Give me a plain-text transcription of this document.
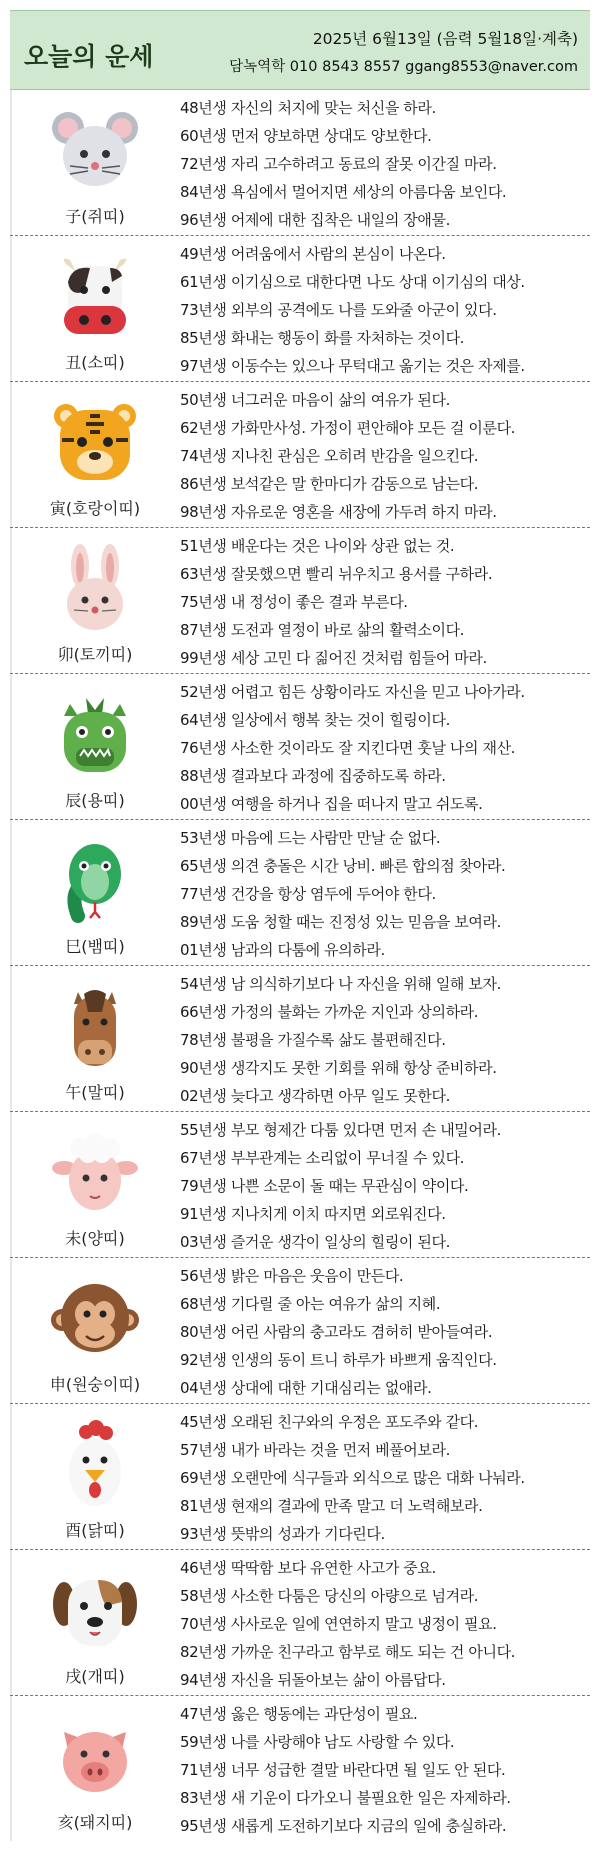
오늘의 운세
2025년 6월13일 (음력 5월18일·계축)
담녹역학 010 8543 8557 ggang8553@naver.com
子(쥐띠)
48년생 자신의 처지에 맞는 처신을 하라.
60년생 먼저 양보하면 상대도 양보한다.
72년생 자리 고수하려고 동료의 잘못 이간질 마라.
84년생 욕심에서 멀어지면 세상의 아름다움 보인다.
96년생 어제에 대한 집착은 내일의 장애물.
丑(소띠)
49년생 어려움에서 사람의 본심이 나온다.
61년생 이기심으로 대한다면 나도 상대 이기심의 대상.
73년생 외부의 공격에도 나를 도와줄 아군이 있다.
85년생 화내는 행동이 화를 자처하는 것이다.
97년생 이동수는 있으나 무턱대고 옮기는 것은 자제를.
寅(호랑이띠)
50년생 너그러운 마음이 삶의 여유가 된다.
62년생 가화만사성. 가정이 편안해야 모든 걸 이룬다.
74년생 지나친 관심은 오히려 반감을 일으킨다.
86년생 보석같은 말 한마디가 감동으로 남는다.
98년생 자유로운 영혼을 새장에 가두려 하지 마라.
卯(토끼띠)
51년생 배운다는 것은 나이와 상관 없는 것.
63년생 잘못했으면 빨리 뉘우치고 용서를 구하라.
75년생 내 정성이 좋은 결과 부른다.
87년생 도전과 열정이 바로 삶의 활력소이다.
99년생 세상 고민 다 짊어진 것처럼 힘들어 마라.
辰(용띠)
52년생 어렵고 힘든 상황이라도 자신을 믿고 나아가라.
64년생 일상에서 행복 찾는 것이 힐링이다.
76년생 사소한 것이라도 잘 지킨다면 훗날 나의 재산.
88년생 결과보다 과정에 집중하도록 하라.
00년생 여행을 하거나 집을 떠나지 말고 쉬도록.
巳(뱀띠)
53년생 마음에 드는 사람만 만날 순 없다.
65년생 의견 충돌은 시간 낭비. 빠른 합의점 찾아라.
77년생 건강을 항상 염두에 두어야 한다.
89년생 도움 청할 때는 진정성 있는 믿음을 보여라.
01년생 남과의 다툼에 유의하라.
午(말띠)
54년생 남 의식하기보다 나 자신을 위해 일해 보자.
66년생 가정의 불화는 가까운 지인과 상의하라.
78년생 불평을 가질수록 삶도 불편해진다.
90년생 생각지도 못한 기회를 위해 항상 준비하라.
02년생 늦다고 생각하면 아무 일도 못한다.
未(양띠)
55년생 부모 형제간 다툼 있다면 먼저 손 내밀어라.
67년생 부부관계는 소리없이 무너질 수 있다.
79년생 나쁜 소문이 돌 때는 무관심이 약이다.
91년생 지나치게 이치 따지면 외로워진다.
03년생 즐거운 생각이 일상의 힐링이 된다.
申(원숭이띠)
56년생 밝은 마음은 웃음이 만든다.
68년생 기다릴 줄 아는 여유가 삶의 지혜.
80년생 어린 사람의 충고라도 겸허히 받아들여라.
92년생 인생의 동이 트니 하루가 바쁘게 움직인다.
04년생 상대에 대한 기대심리는 없애라.
酉(닭띠)
45년생 오래된 친구와의 우정은 포도주와 같다.
57년생 내가 바라는 것을 먼저 베풀어보라.
69년생 오랜만에 식구들과 외식으로 많은 대화 나눠라.
81년생 현재의 결과에 만족 말고 더 노력해보라.
93년생 뜻밖의 성과가 기다린다.
戌(개띠)
46년생 딱딱함 보다 유연한 사고가 중요.
58년생 사소한 다툼은 당신의 아량으로 넘겨라.
70년생 사사로운 일에 연연하지 말고 냉정이 필요.
82년생 가까운 친구라고 함부로 해도 되는 건 아니다.
94년생 자신을 뒤돌아보는 삶이 아름답다.
亥(돼지띠)
47년생 옳은 행동에는 과단성이 필요.
59년생 나를 사랑해야 남도 사랑할 수 있다.
71년생 너무 성급한 결말 바란다면 될 일도 안 된다.
83년생 새 기운이 다가오니 불필요한 일은 자제하라.
95년생 새롭게 도전하기보다 지금의 일에 충실하라.
